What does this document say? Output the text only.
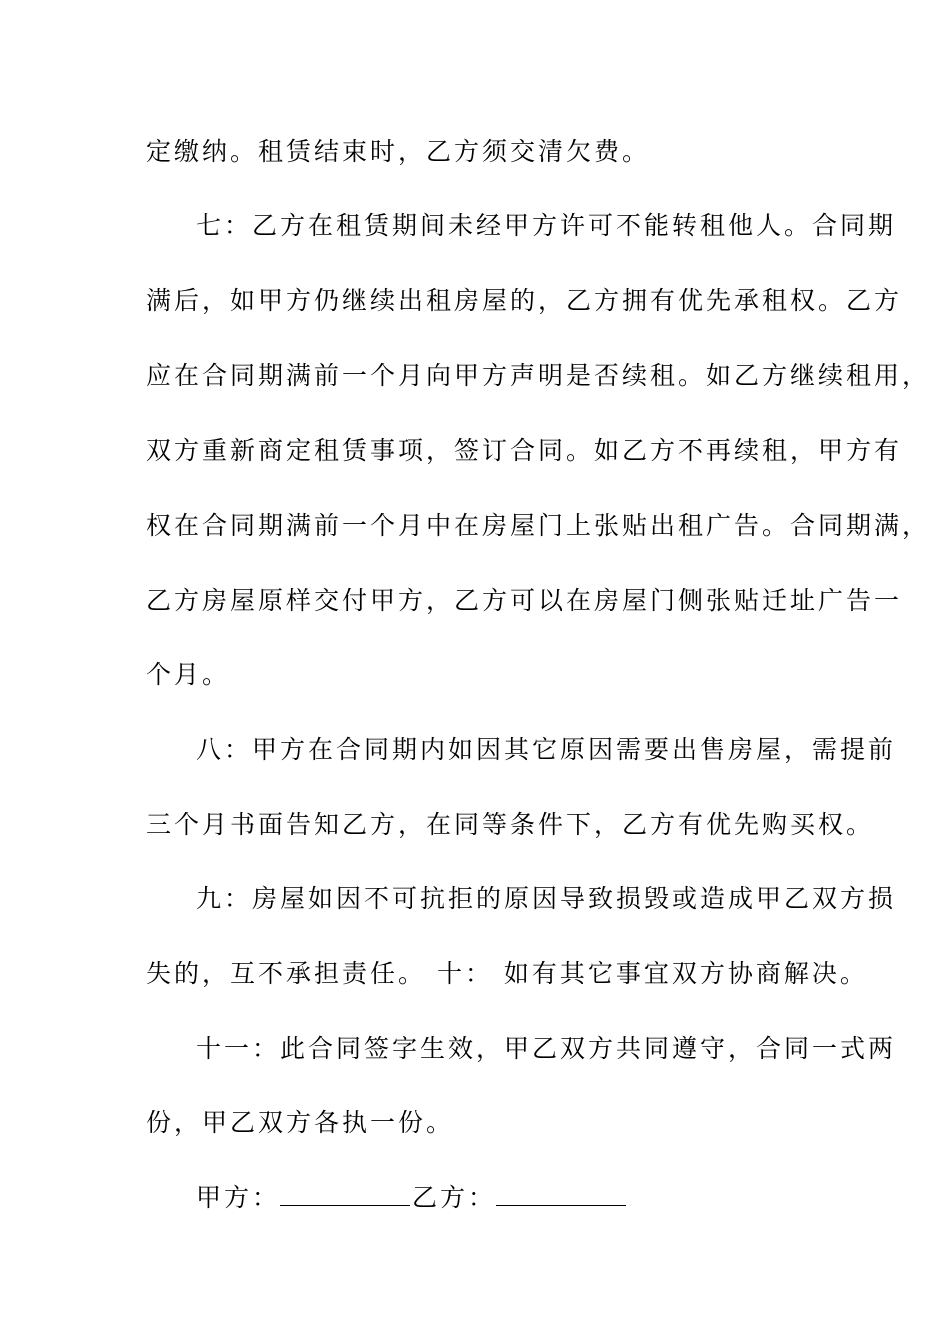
定缴纳。租赁结束时，乙方须交清欠费。
七：乙方在租赁期间未经甲方许可不能转租他人。合同期
满后，如甲方仍继续出租房屋的，乙方拥有优先承租权。乙方
应在合同期满前一个月向甲方声明是否续租。如乙方继续租用，
双方重新商定租赁事项，签订合同。如乙方不再续租，甲方有
权在合同期满前一个月中在房屋门上张贴出租广告。合同期满，
乙方房屋原样交付甲方，乙方可以在房屋门侧张贴迁址广告一
个月。
八：甲方在合同期内如因其它原因需要出售房屋，需提前
三个月书面告知乙方，在同等条件下，乙方有优先购买权。
九：房屋如因不可抗拒的原因导致损毁或造成甲乙双方损
失的，互不承担责任。 十： 如有其它事宜双方协商解决。
十一：此合同签字生效，甲乙双方共同遵守，合同一式两
份，甲乙双方各执一份。
甲方：	乙方：
